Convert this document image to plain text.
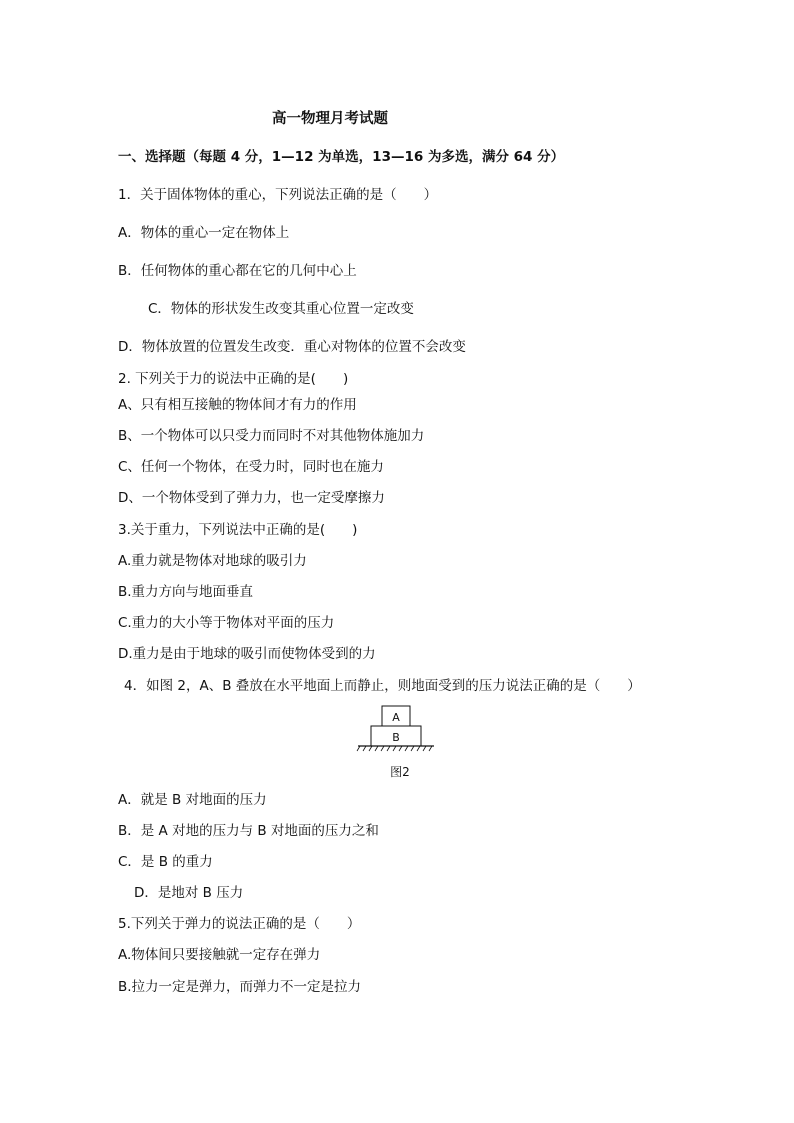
高一物理月考试题
一、选择题（每题 4 分，1—12 为单选，13—16 为多选，满分 64 分）
1．关于固体物体的重心，下列说法正确的是（　　）
A．物体的重心一定在物体上
B．任何物体的重心都在它的几何中心上
C．物体的形状发生改变其重心位置一定改变
D．物体放置的位置发生改变．重心对物体的位置不会改变
2. 下列关于力的说法中正确的是(　　)
A、只有相互接触的物体间才有力的作用
B、一个物体可以只受力而同时不对其他物体施加力
C、任何一个物体，在受力时，同时也在施力
D、一个物体受到了弹力力，也一定受摩擦力
3.关于重力，下列说法中正确的是(　　)
A.重力就是物体对地球的吸引力
B.重力方向与地面垂直
C.重力的大小等于物体对平面的压力
D.重力是由于地球的吸引而使物体受到的力
4．如图 2，A、B 叠放在水平地面上而静止，则地面受到的压力说法正确的是（　　）
A
B
图2
A．就是 B 对地面的压力
B．是 A 对地的压力与 B 对地面的压力之和
C．是 B 的重力
D．是地对 B 压力
5.下列关于弹力的说法正确的是（　　）
A.物体间只要接触就一定存在弹力
B.拉力一定是弹力，而弹力不一定是拉力
